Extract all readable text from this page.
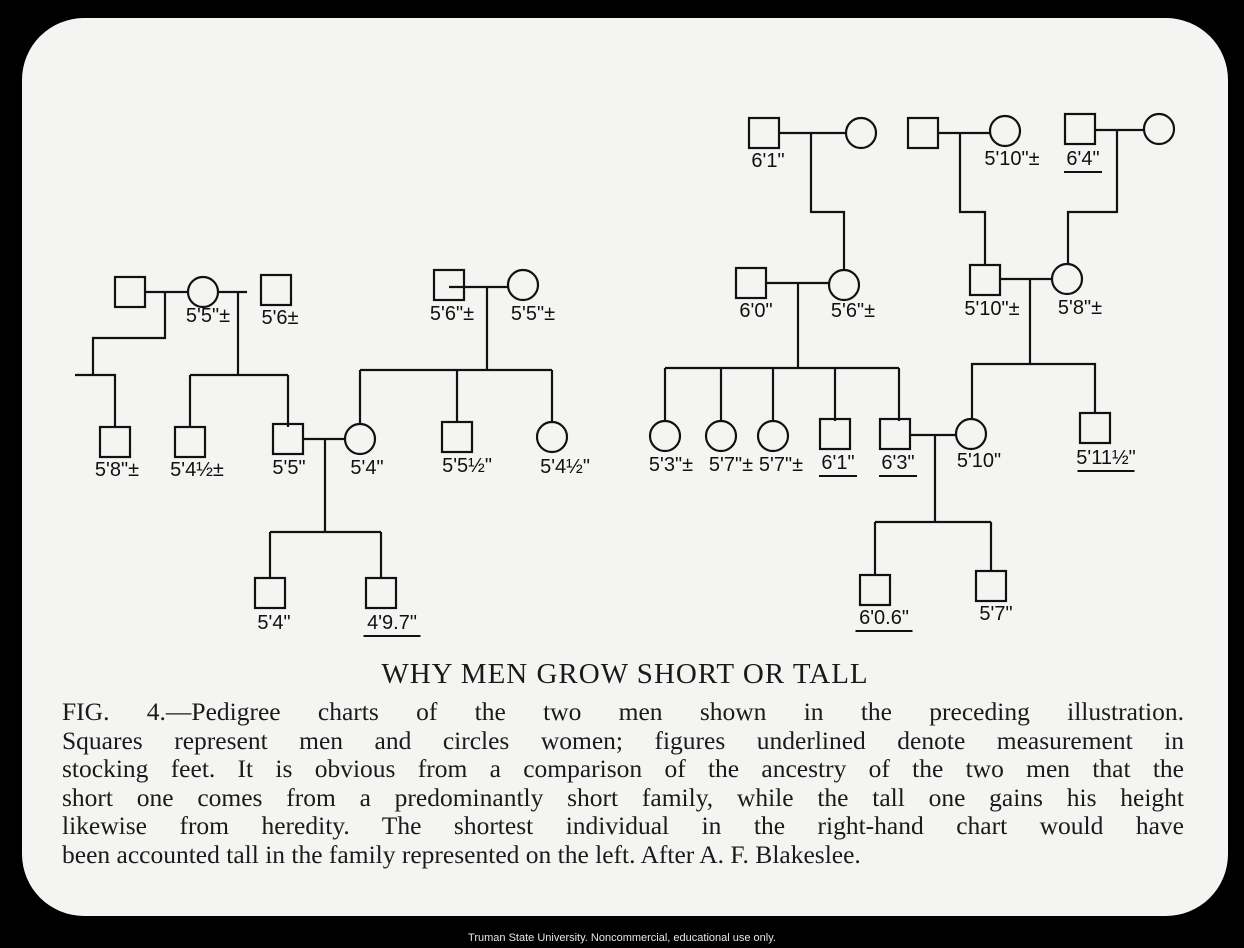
5'5"± 5'6±	5'6"± 5'5"±
5'8"± 5'4½± 5'5" 5'4"	5'5½" 5'4½"
5'4"	4'9.7"
6'1"	5'10"± 6'4"
6'0"	5'6"±	5'10"± 5'8"±
5'3"± 5'7"± 5'7"± 6'1" 6'3" 5'10"	5'11½"
6'0.6"	5'7"
WHY MEN GROW SHORT OR TALL
FIG. 4.—Pedigree charts of the two men shown in the preceding illustration.
Squares represent men and circles women; figures underlined denote measurement in
stocking feet. It is obvious from a comparison of the ancestry of the two men that the
short one comes from a predominantly short family, while the tall one gains his height
likewise from heredity. The shortest individual in the right-hand chart would have
been accounted tall in the family represented on the left. After A. F. Blakeslee.
Truman State University. Noncommercial, educational use only.
